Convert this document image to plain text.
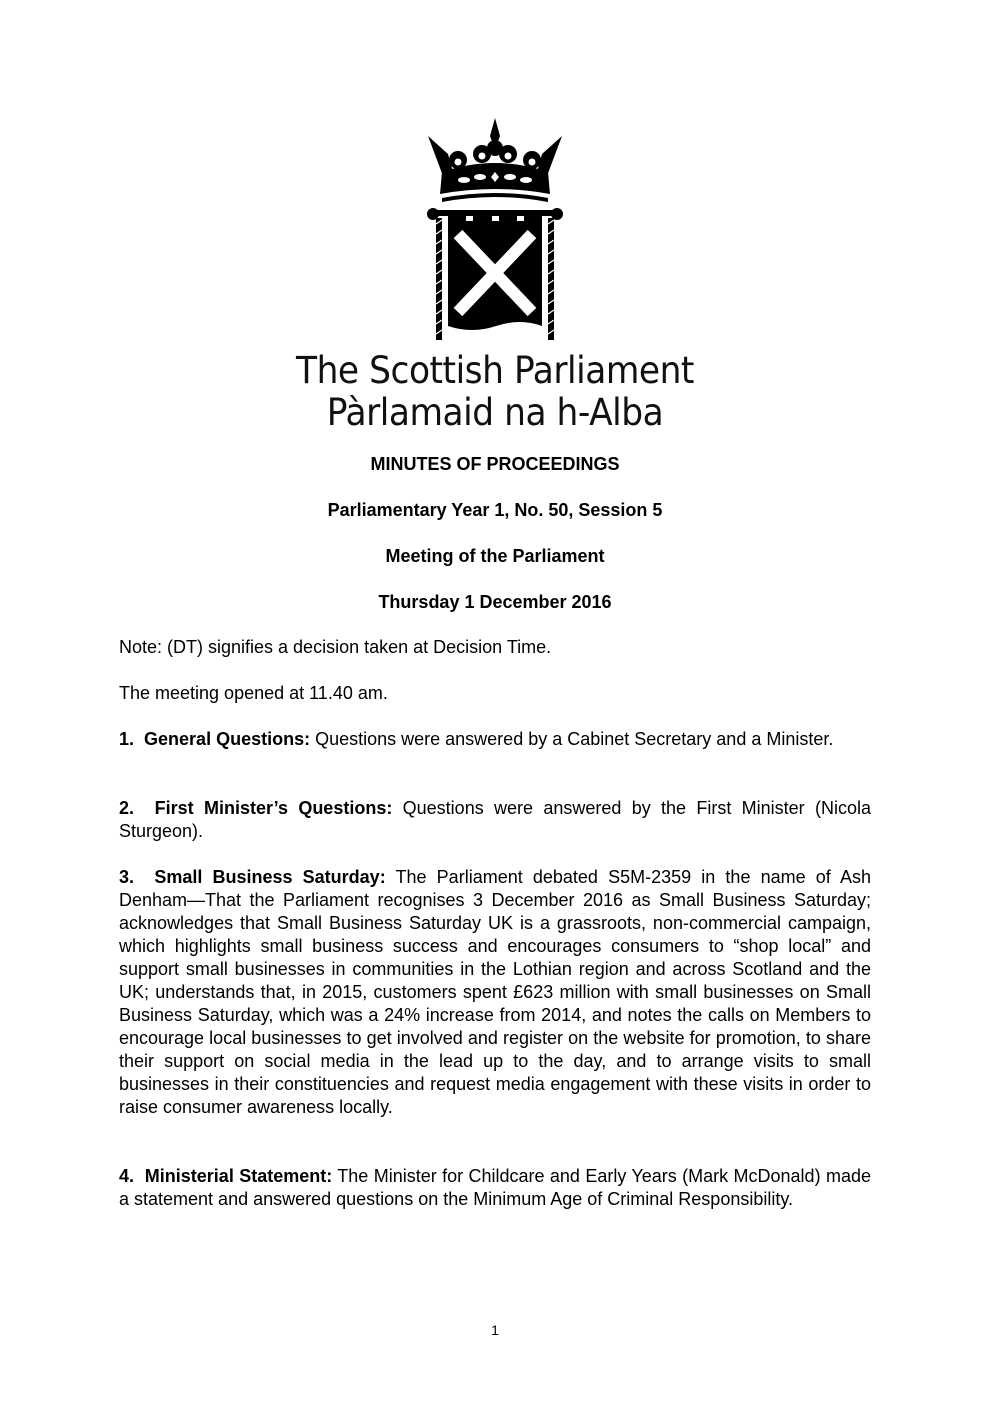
The Scottish Parliament
Pàrlamaid na h-Alba
MINUTES OF PROCEEDINGS
Parliamentary Year 1, No. 50, Session 5
Meeting of the Parliament
Thursday 1 December 2016
Note: (DT) signifies a decision taken at Decision Time.
The meeting opened at 11.40 am.
1. General Questions: Questions were answered by a Cabinet Secretary and a Minister.
2. First Minister’s Questions: Questions were answered by the First Minister (Nicola Sturgeon).
3. Small Business Saturday: The Parliament debated S5M-2359 in the name of Ash Denham—That the Parliament recognises 3 December 2016 as Small Business Saturday; acknowledges that Small Business Saturday UK is a grassroots, non-commercial campaign, which highlights small business success and encourages consumers to “shop local” and support small businesses in communities in the Lothian region and across Scotland and the UK; understands that, in 2015, customers spent £623 million with small businesses on Small Business Saturday, which was a 24% increase from 2014, and notes the calls on Members to encourage local businesses to get involved and register on the website for promotion, to share their support on social media in the lead up to the day, and to arrange visits to small businesses in their constituencies and request media engagement with these visits in order to raise consumer awareness locally.
4. Ministerial Statement: The Minister for Childcare and Early Years (Mark McDonald) made a statement and answered questions on the Minimum Age of Criminal Responsibility.
1
